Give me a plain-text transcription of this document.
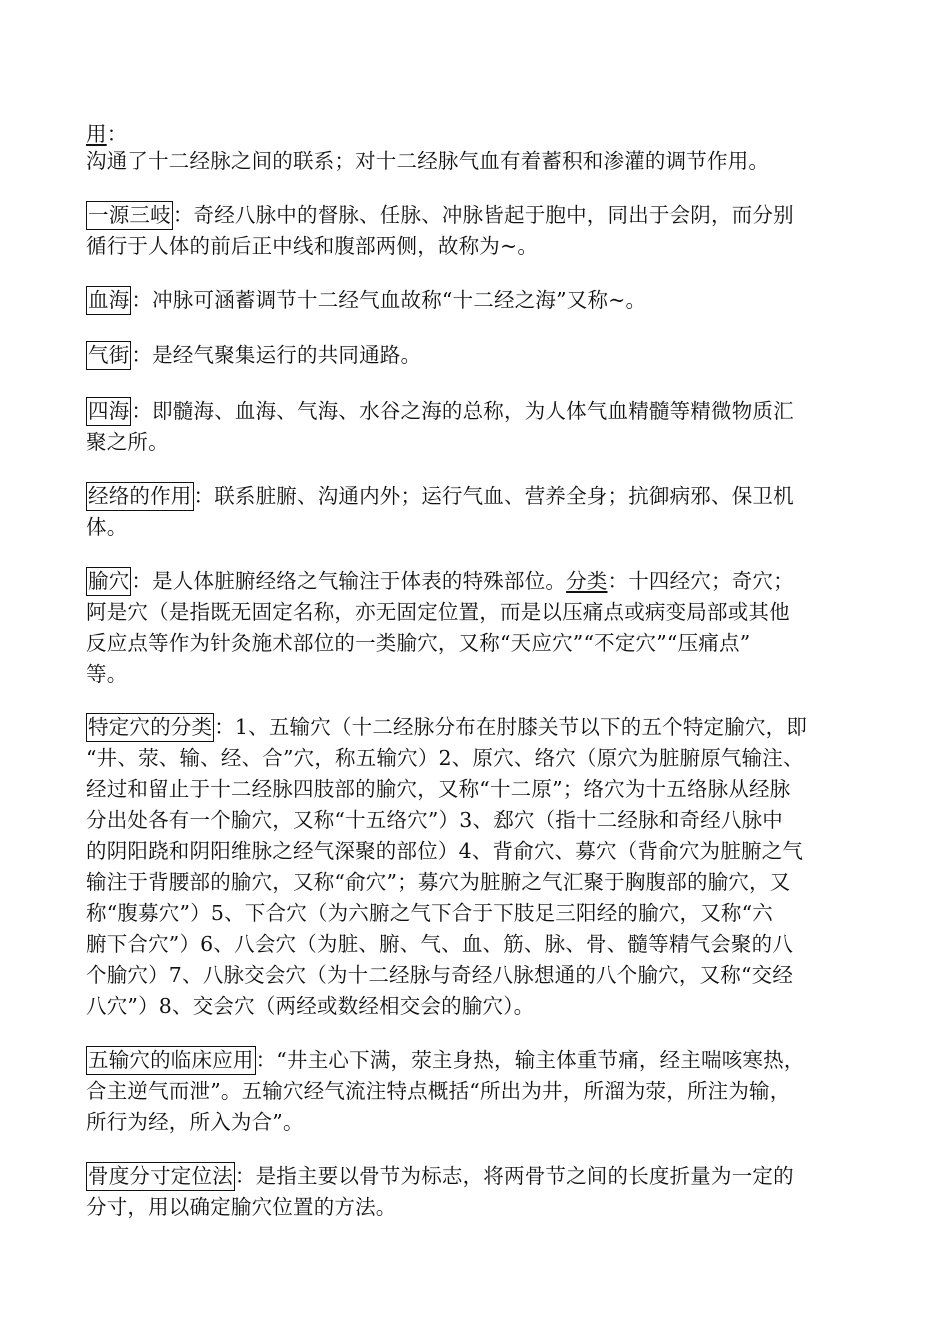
用：
沟通了十二经脉之间的联系；对十二经脉气血有着蓄积和渗灌的调节作用。
一源三岐：奇经八脉中的督脉、任脉、冲脉皆起于胞中，同出于会阴，而分别
循行于人体的前后正中线和腹部两侧，故称为~。
血海：冲脉可涵蓄调节十二经气血故称“十二经之海”又称~。
气街：是经气聚集运行的共同通路。
四海：即髓海、血海、气海、水谷之海的总称，为人体气血精髓等精微物质汇
聚之所。
经络的作用：联系脏腑、沟通内外；运行气血、营养全身；抗御病邪、保卫机
体。
腧穴：是人体脏腑经络之气输注于体表的特殊部位。分类：十四经穴；奇穴；
阿是穴（是指既无固定名称，亦无固定位置，而是以压痛点或病变局部或其他
反应点等作为针灸施术部位的一类腧穴，又称“天应穴”“不定穴”“压痛点”
等。
特定穴的分类：1、五输穴（十二经脉分布在肘膝关节以下的五个特定腧穴，即
“井、荥、输、经、合”穴，称五输穴）2、原穴、络穴（原穴为脏腑原气输注、
经过和留止于十二经脉四肢部的腧穴，又称“十二原”；络穴为十五络脉从经脉
分出处各有一个腧穴，又称“十五络穴”）3、郄穴（指十二经脉和奇经八脉中
的阴阳跷和阴阳维脉之经气深聚的部位）4、背俞穴、募穴（背俞穴为脏腑之气
输注于背腰部的腧穴，又称“俞穴”；募穴为脏腑之气汇聚于胸腹部的腧穴，又
称“腹募穴”）5、下合穴（为六腑之气下合于下肢足三阳经的腧穴，又称“六
腑下合穴”）6、八会穴（为脏、腑、气、血、筋、脉、骨、髓等精气会聚的八
个腧穴）7、八脉交会穴（为十二经脉与奇经八脉想通的八个腧穴，又称“交经
八穴”）8、交会穴（两经或数经相交会的腧穴）。
五输穴的临床应用：“井主心下满，荥主身热，输主体重节痛，经主喘咳寒热，
合主逆气而泄”。五输穴经气流注特点概括“所出为井，所溜为荥，所注为输，
所行为经，所入为合”。
骨度分寸定位法：是指主要以骨节为标志，将两骨节之间的长度折量为一定的
分寸，用以确定腧穴位置的方法。
